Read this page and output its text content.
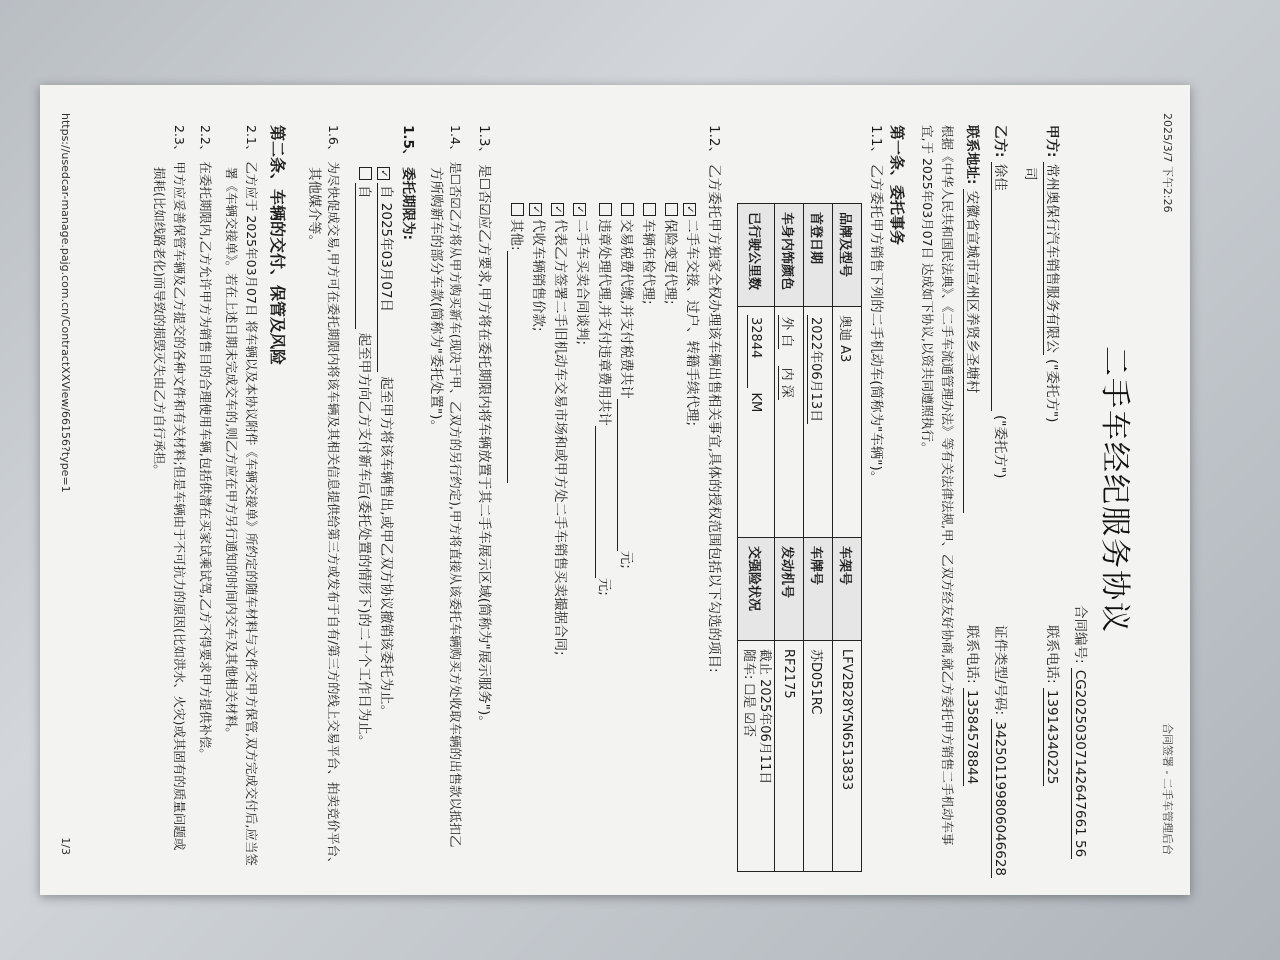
2025/3/7 下午2:26
合同签署 - 二手车管理后台
二手车经纪服务协议
合同编号: CG20250307142647661 56
甲方: 常州奥保行汽车销售服务有限公 ("委托方")
联系电话: 13914340225
司
乙方: 徐佳 ("委托方")
证件类型/号码: 342501199806046628
联系地址: 安徽省宣城市宣州区养贤乡圣塘村
联系电话: 13584578844
根据《中华人民共和国民法典》、《二手车流通管理办法》等有关法律法规,甲、乙双方经友好协商,就乙方委托甲方销售二手机动车事
宜,于 2025年03月07日 达成如下协议,以资共同遵照执行。
第一条、委托事务
1.1、 乙方委托甲方销售下列的二手机动车(简称为"车辆")。
品牌及型号	奥迪 A3	车架号	LFV2B28Y5N6513833
首登日期	2022年06月13日	车牌号	苏D051RC
车身内饰颜色	外 白    内 深	发动机号	RF2175
已行驶公里数	32844 KM	交强险状况	截止 2025年06月11日
随车: ☐是 ☑否
1.2、 乙方委托甲方独家全权办理该车辆出售相关事宜,具体的授权范围包括以下勾选的项目:
✓二手车交接、过户、转籍手续代理;
保险变更代理;
车辆年检代理;
交易税费代缴,并支付税费共计元;
违章处理代理,并支付违章费用共计元;
✓二手车买卖合同谈判;
✓代表乙方签署二手旧机动车交易市场和或甲方处二手车销售买卖撮据合同;
✓代收车辆销售价款;
其他:
1.3、 是☐否☑应乙方要求,甲方将在委托期限内将车辆放置于其二手车展示区域(简称为"展示服务")。
1.4、 是☐否☑乙方将从甲方购买新车(现决于甲、乙双方的另行约定),甲方将直接从该委托车辆购买方处收取车辆的出售款以抵扣乙
方所购新车的部分车款(简称为"委托处置")。
1.5、 委托期限为:
✓自 2025年03月07日 起至甲方将该车辆售出,或甲乙双方协议撤销该委托为止。
自 起至甲方向乙方支付新车后(委托处置的情形下)的二十个工作日为止。
1.6、 为尽快促成交易,甲方可在委托期限内将该车辆及其相关信息提供给第三方或发布于自有/第三方的线上交易平台、拍卖竞价平台、
其他媒介等。
第二条、车辆的交付、保管及风险
2.1、 乙方应于 2025年03月07日 将车辆以及本协议附件《车辆交接单》所约定的随车材料与文件交甲方保管,双方完成交付后,应当签
署《车辆交接单》。若在上述日期未完成交车的,则乙方应在甲方另行通知的时间内交车及其他相关材料。
2.2、 在委托期限内,乙方允许甲方为销售目的合理使用车辆,包括供潜在买家试乘试驾,乙方不得要求甲方提供补偿。
2.3、 甲方应妥善保管车辆及乙方提交的各种文件和有关材料;但是车辆由于不可抗力的原因(比如洪水、火灾)或其固有的质量问题或
损耗(比如线路老化)而导致的损毁灭失由乙方自行承担。
https://usedcar-manage.pajg.com.cn/ContractXXView/66156?type=1
1/3
